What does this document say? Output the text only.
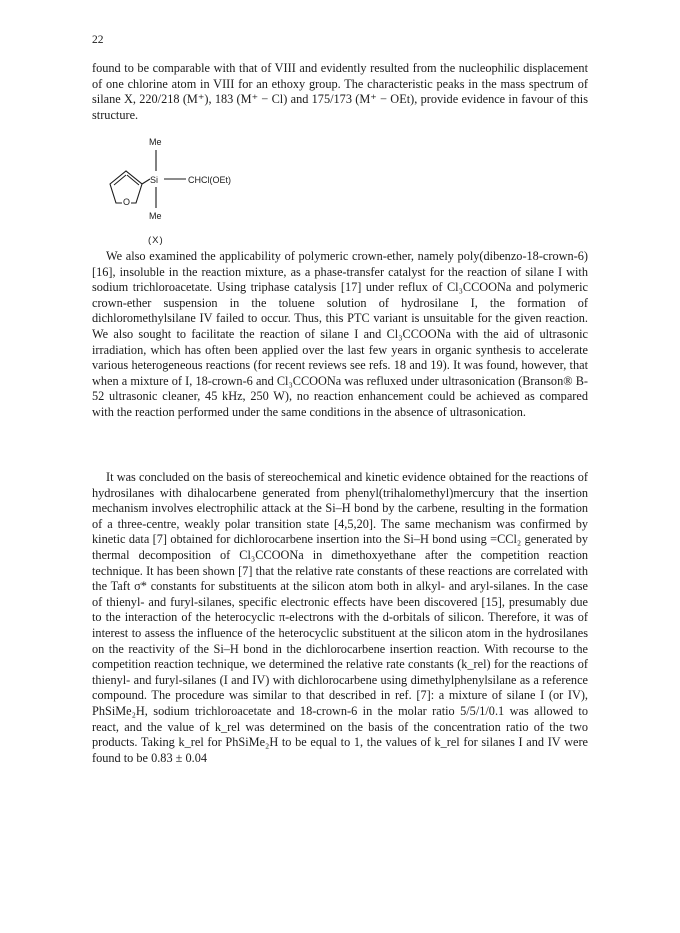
22

found to be comparable with that of VIII and evidently resulted from the nucleophilic displacement of one chlorine atom in VIII for an ethoxy group. The characteristic peaks in the mass spectrum of silane X, 220/218 (M⁺), 183 (M⁺ − Cl) and 175/173 (M⁺ − OEt), provide evidence in favour of this structure.

O
Si
Me
Me
CHCl(OEt)
(X)

We also examined the applicability of polymeric crown-ether, namely poly(dibenzo-18-crown-6) [16], insoluble in the reaction mixture, as a phase-transfer catalyst for the reaction of silane I with sodium trichloroacetate. Using triphase catalysis [17] under reflux of Cl₃CCOONa and polymeric crown-ether suspension in the toluene solution of hydrosilane I, the formation of dichloromethylsilane IV failed to occur. Thus, this PTC variant is unsuitable for the given reaction. We also sought to facilitate the reaction of silane I and Cl₃CCOONa with the aid of ultrasonic irradiation, which has often been applied over the last few years in organic synthesis to accelerate various heterogeneous reactions (for recent reviews see refs. 18 and 19). It was found, however, that when a mixture of I, 18-crown-6 and Cl₃CCOONa was refluxed under ultrasonication (Branson® B-52 ultrasonic cleaner, 45 kHz, 250 W), no reaction enhancement could be achieved as compared with the reaction performed under the same conditions in the absence of ultrasonication.

It was concluded on the basis of stereochemical and kinetic evidence obtained for the reactions of hydrosilanes with dihalocarbene generated from phenyl(trihalomethyl)mercury that the insertion mechanism involves electrophilic attack at the Si–H bond by the carbene, resulting in the formation of a three-centre, weakly polar transition state [4,5,20]. The same mechanism was confirmed by kinetic data [7] obtained for dichlorocarbene insertion into the Si–H bond using =CCl₂ generated by thermal decomposition of Cl₃CCOONa in dimethoxyethane after the competition reaction technique. It has been shown [7] that the relative rate constants of these reactions are correlated with the Taft σ* constants for substituents at the silicon atom both in alkyl- and aryl-silanes. In the case of thienyl- and furyl-silanes, specific electronic effects have been discovered [15], presumably due to the interaction of the heterocyclic π-electrons with the d-orbitals of silicon. Therefore, it was of interest to assess the influence of the heterocyclic substituent at the silicon atom in the hydrosilanes on the reactivity of the Si–H bond in the dichlorocarbene insertion reaction. With recourse to the competition reaction technique, we determined the relative rate constants (k_rel) for the reactions of thienyl- and furyl-silanes (I and IV) with dichlorocarbene using dimethylphenylsilane as a reference compound. The procedure was similar to that described in ref. [7]: a mixture of silane I (or IV), PhSiMe₂H, sodium trichloroacetate and 18-crown-6 in the molar ratio 5/5/1/0.1 was allowed to react, and the value of k_rel was determined on the basis of the concentration ratio of the two products. Taking k_rel for PhSiMe₂H to be equal to 1, the values of k_rel for silanes I and IV were found to be 0.83 ± 0.04
